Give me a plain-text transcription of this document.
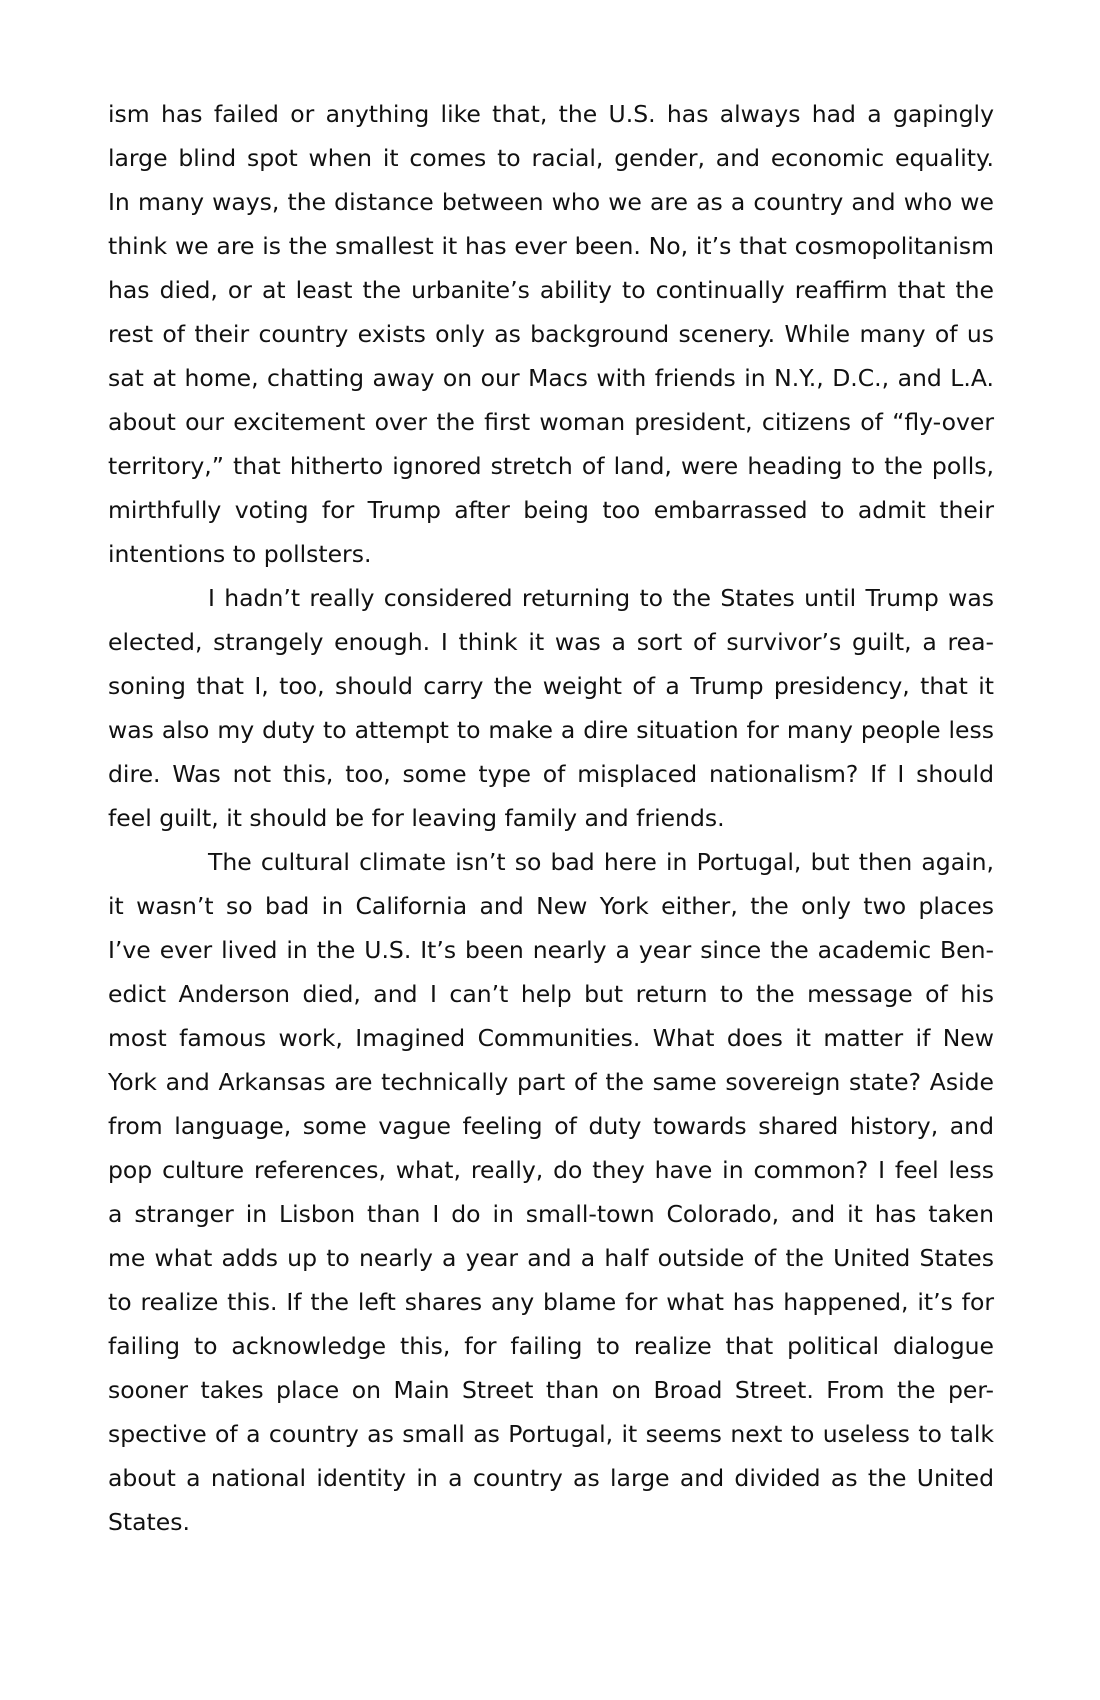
ism has failed or anything like that, the U.S. has always had a gapingly
large blind spot when it comes to racial, gender, and economic equality.
In many ways, the distance between who we are as a country and who we
think we are is the smallest it has ever been. No, it’s that cosmopolitanism
has died, or at least the urbanite’s ability to continually reaffirm that the
rest of their country exists only as background scenery. While many of us
sat at home, chatting away on our Macs with friends in N.Y., D.C., and L.A.
about our excitement over the first woman president, citizens of “fly-over
territory,” that hitherto ignored stretch of land, were heading to the polls,
mirthfully voting for Trump after being too embarrassed to admit their
intentions to pollsters.
I hadn’t really considered returning to the States until Trump was
elected, strangely enough. I think it was a sort of survivor’s guilt, a rea-
soning that I, too, should carry the weight of a Trump presidency, that it
was also my duty to attempt to make a dire situation for many people less
dire. Was not this, too, some type of misplaced nationalism? If I should
feel guilt, it should be for leaving family and friends.
The cultural climate isn’t so bad here in Portugal, but then again,
it wasn’t so bad in California and New York either, the only two places
I’ve ever lived in the U.S. It’s been nearly a year since the academic Ben-
edict Anderson died, and I can’t help but return to the message of his
most famous work, Imagined Communities. What does it matter if New
York and Arkansas are technically part of the same sovereign state? Aside
from language, some vague feeling of duty towards shared history, and
pop culture references, what, really, do they have in common? I feel less
a stranger in Lisbon than I do in small-town Colorado, and it has taken
me what adds up to nearly a year and a half outside of the United States
to realize this. If the left shares any blame for what has happened, it’s for
failing to acknowledge this, for failing to realize that political dialogue
sooner takes place on Main Street than on Broad Street. From the per-
spective of a country as small as Portugal, it seems next to useless to talk
about a national identity in a country as large and divided as the United
States.
